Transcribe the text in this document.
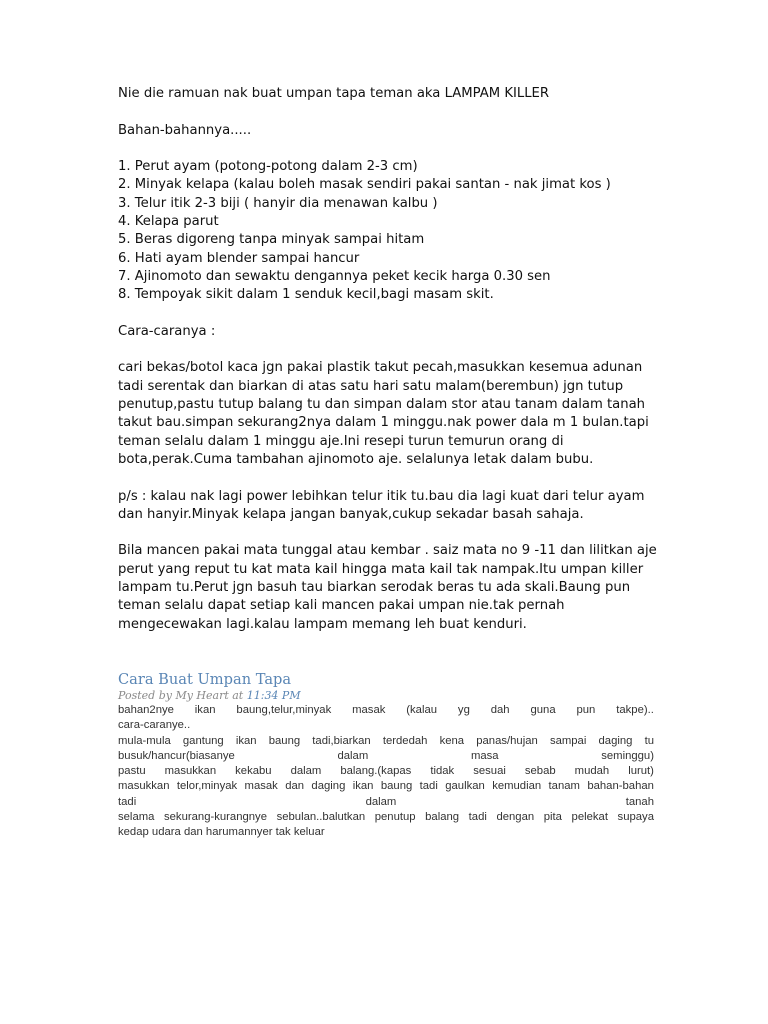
Nie die ramuan nak buat umpan tapa teman aka LAMPAM KILLER
Bahan-bahannya.....
1. Perut ayam (potong-potong dalam 2-3 cm)
2. Minyak kelapa (kalau boleh masak sendiri pakai santan - nak jimat kos )
3. Telur itik 2-3 biji ( hanyir dia menawan kalbu )
4. Kelapa parut
5. Beras digoreng tanpa minyak sampai hitam
6. Hati ayam blender sampai hancur
7. Ajinomoto dan sewaktu dengannya peket kecik harga 0.30 sen
8. Tempoyak sikit dalam 1 senduk kecil,bagi masam skit.
Cara-caranya :
cari bekas/botol kaca jgn pakai plastik takut pecah,masukkan kesemua adunan
tadi serentak dan biarkan di atas satu hari satu malam(berembun) jgn tutup
penutup,pastu tutup balang tu dan simpan dalam stor atau tanam dalam tanah
takut bau.simpan sekurang2nya dalam 1 minggu.nak power dala m 1 bulan.tapi
teman selalu dalam 1 minggu aje.Ini resepi turun temurun orang di
bota,perak.Cuma tambahan ajinomoto aje. selalunya letak dalam bubu.
p/s : kalau nak lagi power lebihkan telur itik tu.bau dia lagi kuat dari telur ayam
dan hanyir.Minyak kelapa jangan banyak,cukup sekadar basah sahaja.
Bila mancen pakai mata tunggal atau kembar . saiz mata no 9 -11 dan lilitkan aje
perut yang reput tu kat mata kail hingga mata kail tak nampak.Itu umpan killer
lampam tu.Perut jgn basuh tau biarkan serodak beras tu ada skali.Baung pun
teman selalu dapat setiap kali mancen pakai umpan nie.tak pernah
mengecewakan lagi.kalau lampam memang leh buat kenduri.
Cara Buat Umpan Tapa
Posted by My Heart at 11:34 PM
bahan2nye ikan baung,telur,minyak masak (kalau yg dah guna pun takpe)..
cara-caranye..
mula-mula gantung ikan baung tadi,biarkan terdedah kena panas/hujan sampai daging tu
busuk/hancur(biasanye	dalam	masa	seminggu)
pastu masukkan kekabu dalam balang.(kapas tidak sesuai sebab mudah lurut)
masukkan telor,minyak masak dan daging ikan baung tadi gaulkan kemudian tanam bahan-bahan
tadi	dalam	tanah
selama sekurang-kurangnye sebulan..balutkan penutup balang tadi dengan pita pelekat supaya
kedap udara dan harumannyer tak keluar
